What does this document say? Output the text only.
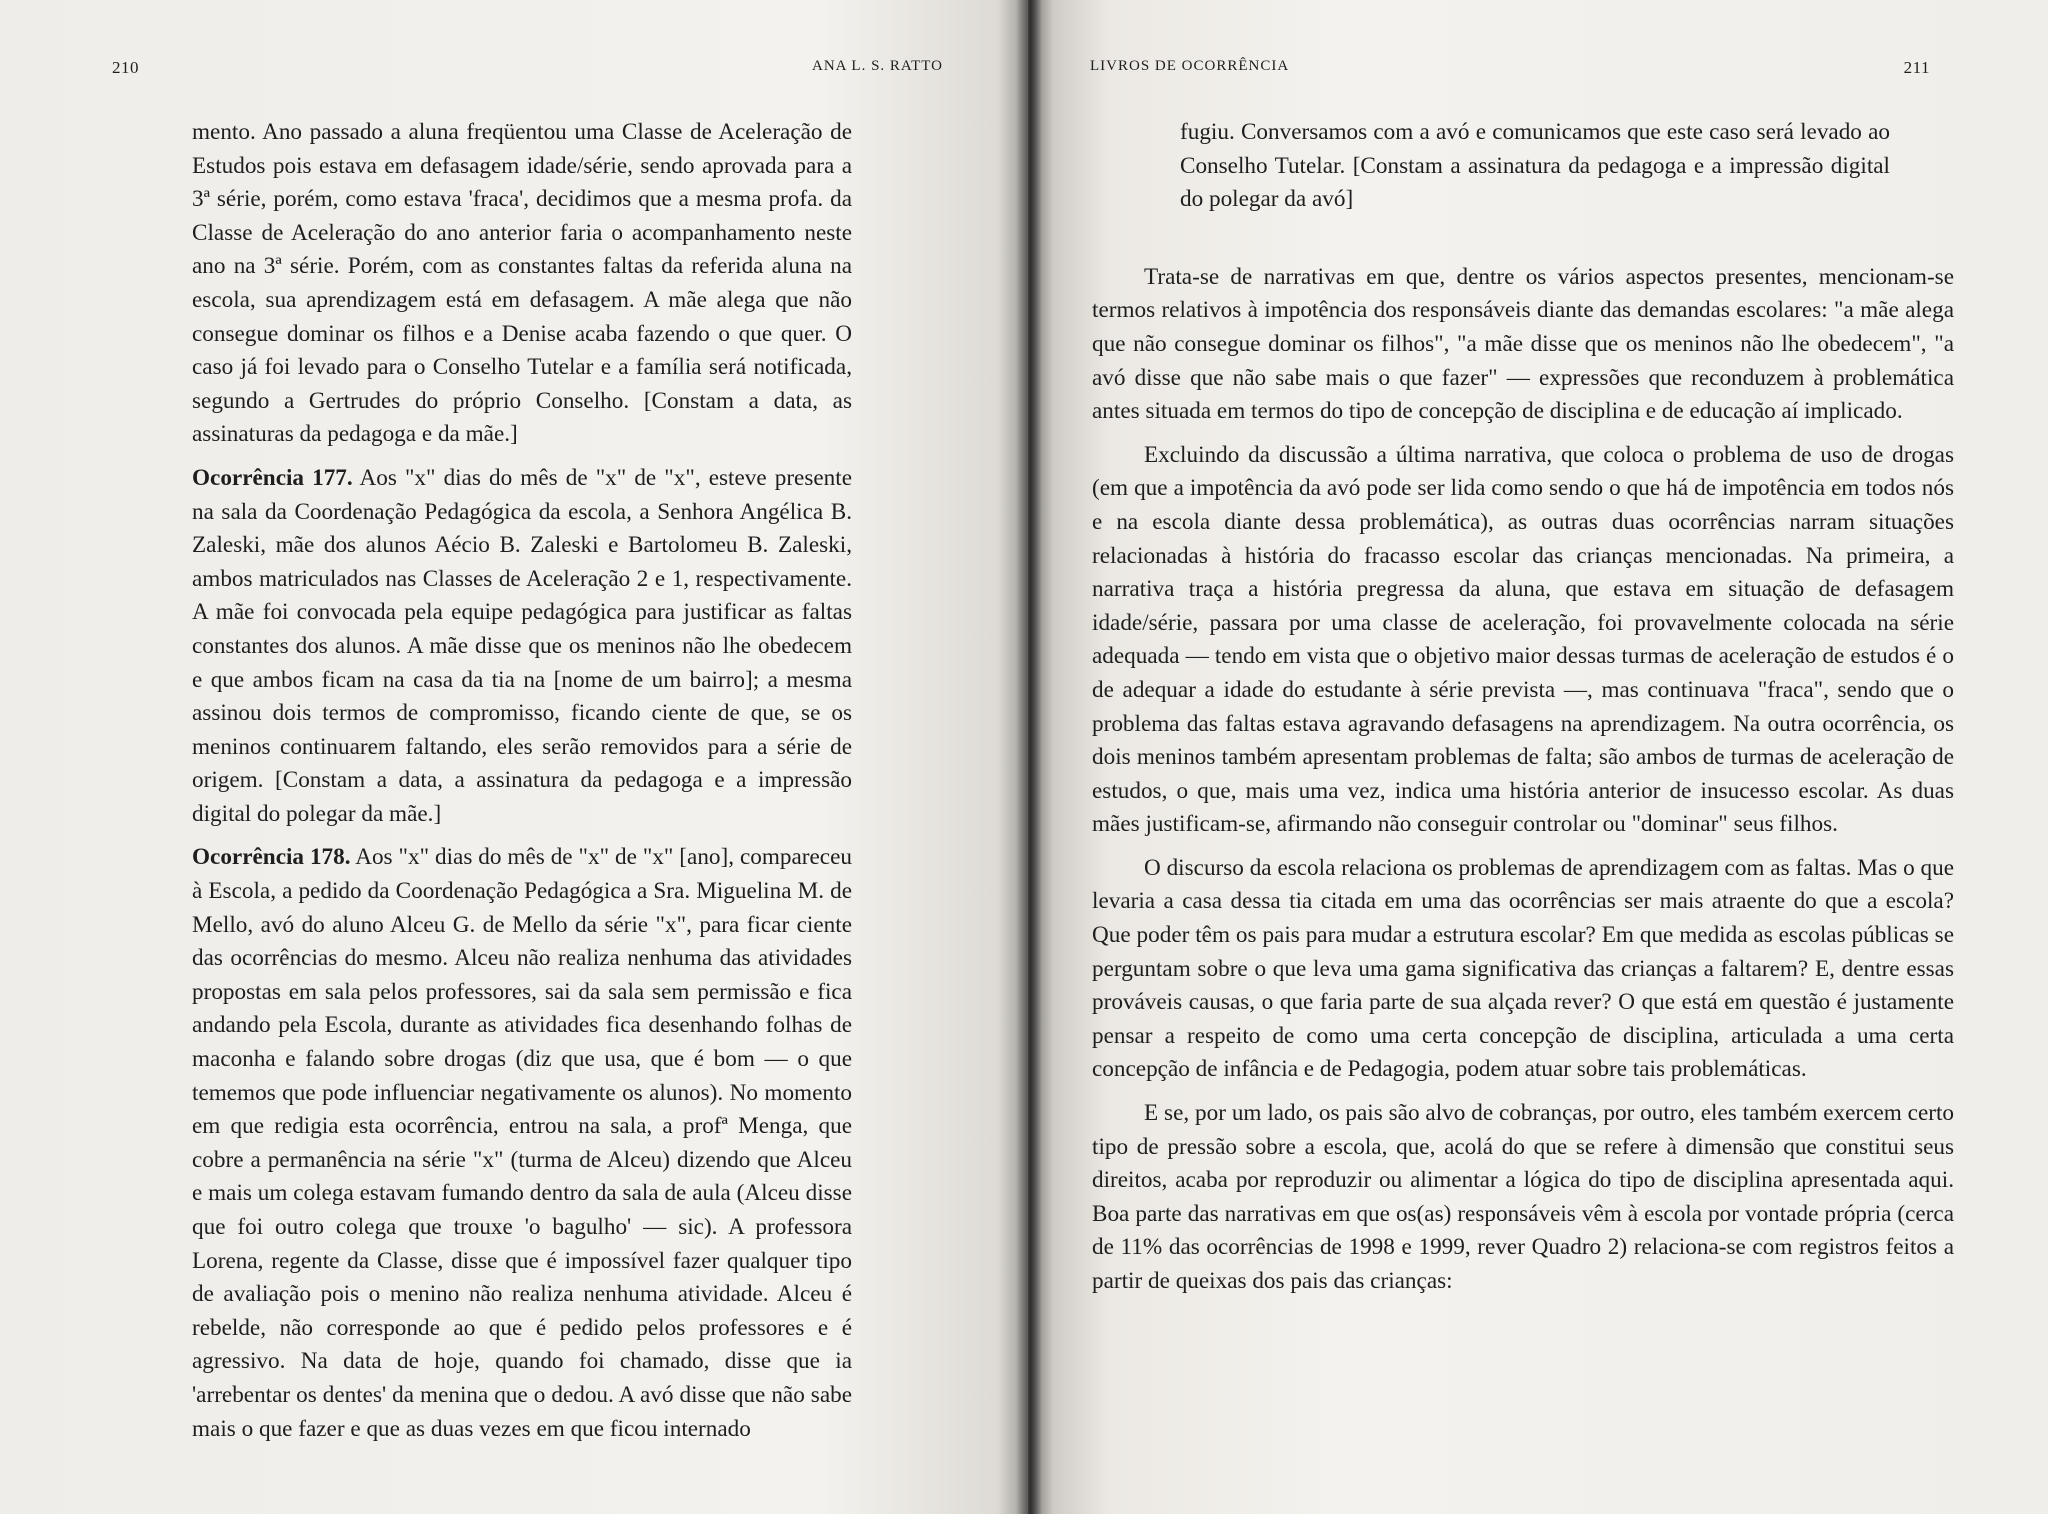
210	ANA L. S. RATTO

mento. Ano passado a aluna freqüentou uma Classe de Aceleração de Estudos pois estava em defasagem idade/série, sendo aprovada para a 3ª série, porém, como estava 'fraca', decidimos que a mesma profa. da Classe de Aceleração do ano anterior faria o acompanhamento neste ano na 3ª série. Porém, com as constantes faltas da referida aluna na escola, sua aprendizagem está em defasagem. A mãe alega que não consegue dominar os filhos e a Denise acaba fazendo o que quer. O caso já foi levado para o Conselho Tutelar e a família será notificada, segundo a Gertrudes do próprio Conselho. [Constam a data, as assinaturas da pedagoga e da mãe.]

Ocorrência 177. Aos "x" dias do mês de "x" de "x", esteve presente na sala da Coordenação Pedagógica da escola, a Senhora Angélica B. Zaleski, mãe dos alunos Aécio B. Zaleski e Bartolomeu B. Zaleski, ambos matriculados nas Classes de Aceleração 2 e 1, respectivamente. A mãe foi convocada pela equipe pedagógica para justificar as faltas constantes dos alunos. A mãe disse que os meninos não lhe obedecem e que ambos ficam na casa da tia na [nome de um bairro]; a mesma assinou dois termos de compromisso, ficando ciente de que, se os meninos continuarem faltando, eles serão removidos para a série de origem. [Constam a data, a assinatura da pedagoga e a impressão digital do polegar da mãe.]

Ocorrência 178. Aos "x" dias do mês de "x" de "x" [ano], compareceu à Escola, a pedido da Coordenação Pedagógica a Sra. Miguelina M. de Mello, avó do aluno Alceu G. de Mello da série "x", para ficar ciente das ocorrências do mesmo. Alceu não realiza nenhuma das atividades propostas em sala pelos professores, sai da sala sem permissão e fica andando pela Escola, durante as atividades fica desenhando folhas de maconha e falando sobre drogas (diz que usa, que é bom — o que tememos que pode influenciar negativamente os alunos). No momento em que redigia esta ocorrência, entrou na sala, a profª Menga, que cobre a permanência na série "x" (turma de Alceu) dizendo que Alceu e mais um colega estavam fumando dentro da sala de aula (Alceu disse que foi outro colega que trouxe 'o bagulho' — sic). A professora Lorena, regente da Classe, disse que é impossível fazer qualquer tipo de avaliação pois o menino não realiza nenhuma atividade. Alceu é rebelde, não corresponde ao que é pedido pelos professores e é agressivo. Na data de hoje, quando foi chamado, disse que ia 'arrebentar os dentes' da menina que o dedou. A avó disse que não sabe mais o que fazer e que as duas vezes em que ficou internado

LIVROS DE OCORRÊNCIA	211

fugiu. Conversamos com a avó e comunicamos que este caso será levado ao Conselho Tutelar. [Constam a assinatura da pedagoga e a impressão digital do polegar da avó]

Trata-se de narrativas em que, dentre os vários aspectos presentes, mencionam-se termos relativos à impotência dos responsáveis diante das demandas escolares: "a mãe alega que não consegue dominar os filhos", "a mãe disse que os meninos não lhe obedecem", "a avó disse que não sabe mais o que fazer" — expressões que reconduzem à problemática antes situada em termos do tipo de concepção de disciplina e de educação aí implicado.

Excluindo da discussão a última narrativa, que coloca o problema de uso de drogas (em que a impotência da avó pode ser lida como sendo o que há de impotência em todos nós e na escola diante dessa problemática), as outras duas ocorrências narram situações relacionadas à história do fracasso escolar das crianças mencionadas. Na primeira, a narrativa traça a história pregressa da aluna, que estava em situação de defasagem idade/série, passara por uma classe de aceleração, foi provavelmente colocada na série adequada — tendo em vista que o objetivo maior dessas turmas de aceleração de estudos é o de adequar a idade do estudante à série prevista —, mas continuava "fraca", sendo que o problema das faltas estava agravando defasagens na aprendizagem. Na outra ocorrência, os dois meninos também apresentam problemas de falta; são ambos de turmas de aceleração de estudos, o que, mais uma vez, indica uma história anterior de insucesso escolar. As duas mães justificam-se, afirmando não conseguir controlar ou "dominar" seus filhos.

O discurso da escola relaciona os problemas de aprendizagem com as faltas. Mas o que levaria a casa dessa tia citada em uma das ocorrências ser mais atraente do que a escola? Que poder têm os pais para mudar a estrutura escolar? Em que medida as escolas públicas se perguntam sobre o que leva uma gama significativa das crianças a faltarem? E, dentre essas prováveis causas, o que faria parte de sua alçada rever? O que está em questão é justamente pensar a respeito de como uma certa concepção de disciplina, articulada a uma certa concepção de infância e de Pedagogia, podem atuar sobre tais problemáticas.

E se, por um lado, os pais são alvo de cobranças, por outro, eles também exercem certo tipo de pressão sobre a escola, que, acolá do que se refere à dimensão que constitui seus direitos, acaba por reproduzir ou alimentar a lógica do tipo de disciplina apresentada aqui. Boa parte das narrativas em que os(as) responsáveis vêm à escola por vontade própria (cerca de 11% das ocorrências de 1998 e 1999, rever Quadro 2) relaciona-se com registros feitos a partir de queixas dos pais das crianças:
